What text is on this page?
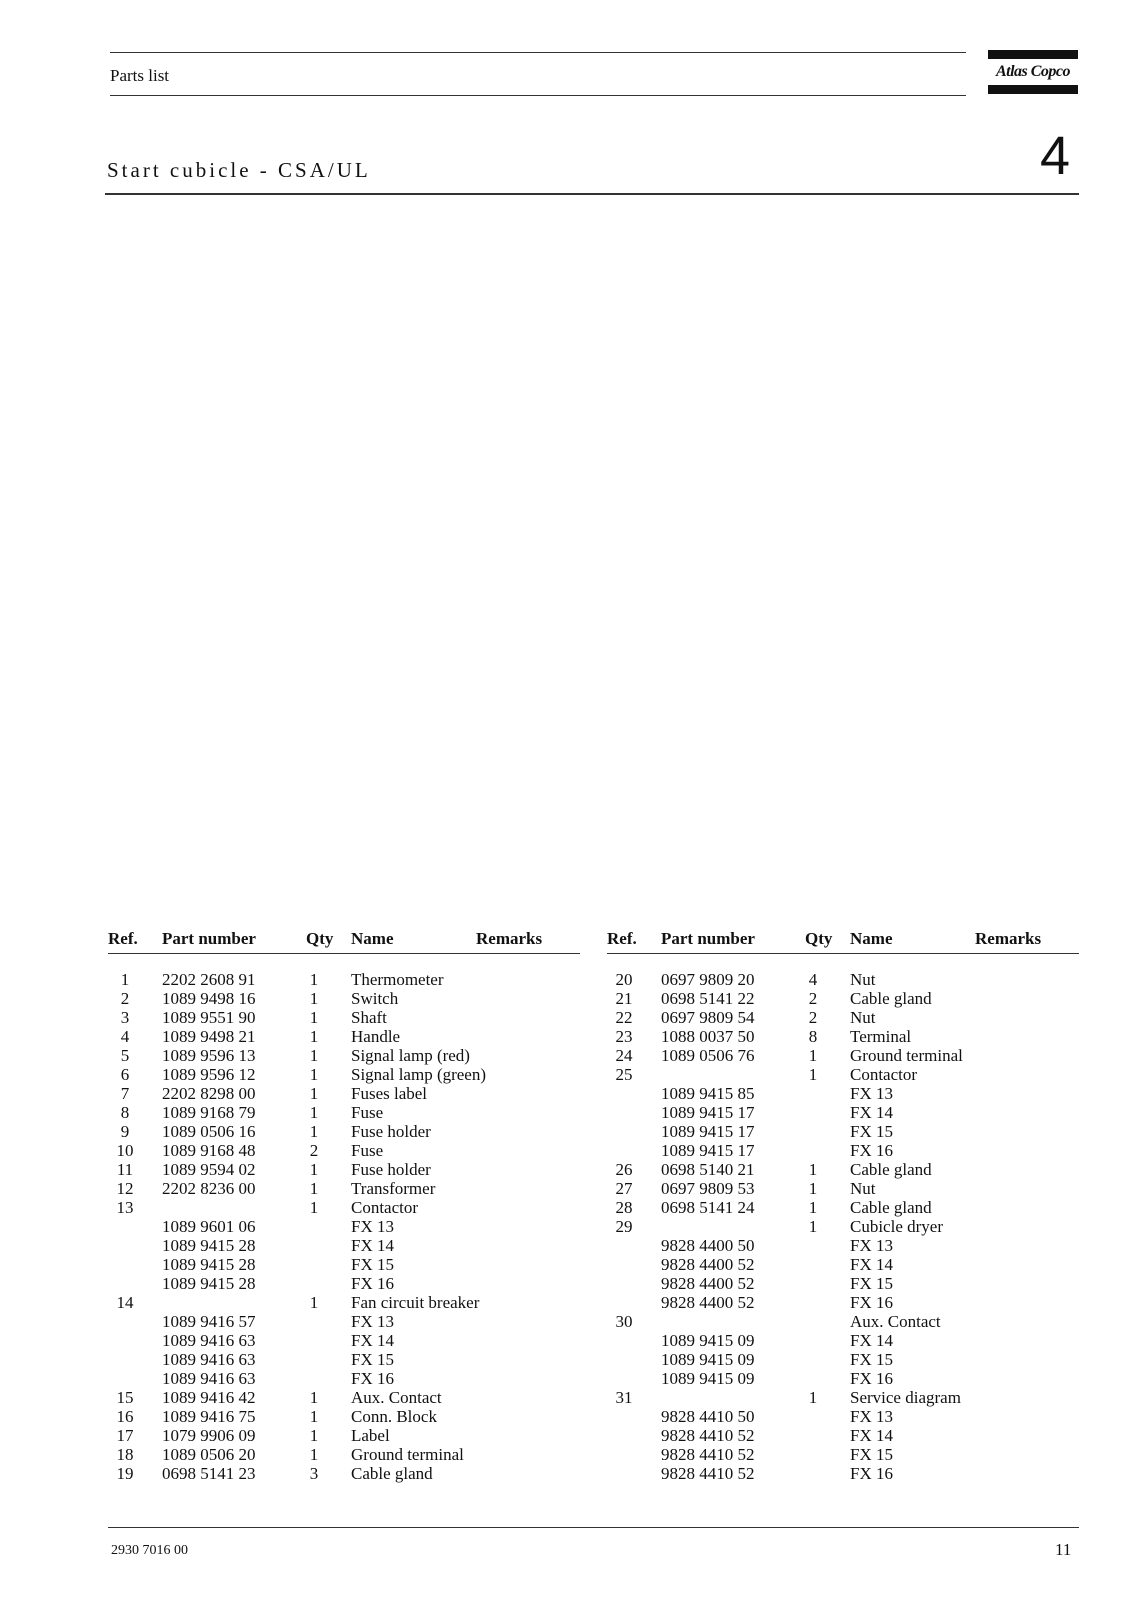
Parts list	Atlas Copco
Start cubicle - CSA/UL	4
Ref. Part number	Qty Name	Remarks
1	2202 2608 91	1 Thermometer
2	1089 9498 16	1 Switch
3	1089 9551 90	1 Shaft
4	1089 9498 21	1 Handle
5	1089 9596 13	1 Signal lamp (red)
6	1089 9596 12	1 Signal lamp (green)
7	2202 8298 00	1 Fuses label
8	1089 9168 79	1 Fuse
9	1089 0506 16	1 Fuse holder
10	1089 9168 48	2 Fuse
11	1089 9594 02	1 Fuse holder
12	2202 8236 00	1 Transformer
13	1 Contactor
1089 9601 06	FX 13
1089 9415 28	FX 14
1089 9415 28	FX 15
1089 9415 28	FX 16
14	1 Fan circuit breaker
1089 9416 57	FX 13
1089 9416 63	FX 14
1089 9416 63	FX 15
1089 9416 63	FX 16
15	1089 9416 42	1 Aux. Contact
16	1089 9416 75	1 Conn. Block
17	1079 9906 09	1 Label
18	1089 0506 20	1 Ground terminal
19	0698 5141 23	3 Cable gland
Ref. Part number	Qty Name	Remarks
20	0697 9809 20	4 Nut
21	0698 5141 22	2 Cable gland
22	0697 9809 54	2 Nut
23	1088 0037 50	8 Terminal
24	1089 0506 76	1 Ground terminal
25	1 Contactor
1089 9415 85	FX 13
1089 9415 17	FX 14
1089 9415 17	FX 15
1089 9415 17	FX 16
26	0698 5140 21	1 Cable gland
27	0697 9809 53	1 Nut
28	0698 5141 24	1 Cable gland
29	1 Cubicle dryer
9828 4400 50	FX 13
9828 4400 52	FX 14
9828 4400 52	FX 15
9828 4400 52	FX 16
30	Aux. Contact
1089 9415 09	FX 14
1089 9415 09	FX 15
1089 9415 09	FX 16
31	1 Service diagram
9828 4410 50	FX 13
9828 4410 52	FX 14
9828 4410 52	FX 15
9828 4410 52	FX 16
2930 7016 00	11
